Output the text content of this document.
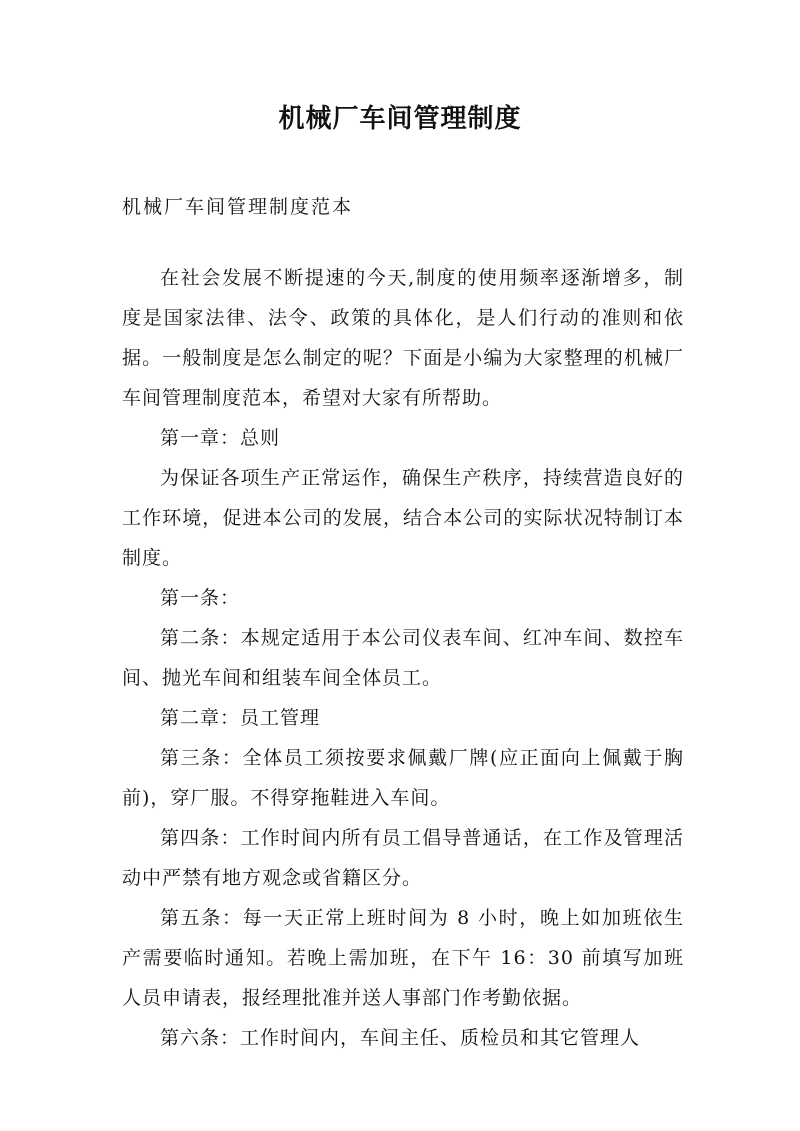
机械厂车间管理制度
机械厂车间管理制度范本

在社会发展不断提速的今天,制度的使用频率逐渐增多，制度是国家法律、法令、政策的具体化，是人们行动的准则和依据。一般制度是怎么制定的呢？下面是小编为大家整理的机械厂车间管理制度范本，希望对大家有所帮助。

第一章：总则

为保证各项生产正常运作，确保生产秩序，持续营造良好的工作环境，促进本公司的发展，结合本公司的实际状况特制订本制度。

第一条：

第二条：本规定适用于本公司仪表车间、红冲车间、数控车间、抛光车间和组装车间全体员工。

第二章：员工管理

第三条：全体员工须按要求佩戴厂牌(应正面向上佩戴于胸前)，穿厂服。不得穿拖鞋进入车间。

第四条：工作时间内所有员工倡导普通话，在工作及管理活动中严禁有地方观念或省籍区分。

第五条：每一天正常上班时间为 8 小时，晚上如加班依生产需要临时通知。若晚上需加班，在下午 16：30 前填写加班人员申请表，报经理批准并送人事部门作考勤依据。

第六条：工作时间内，车间主任、质检员和其它管理人
